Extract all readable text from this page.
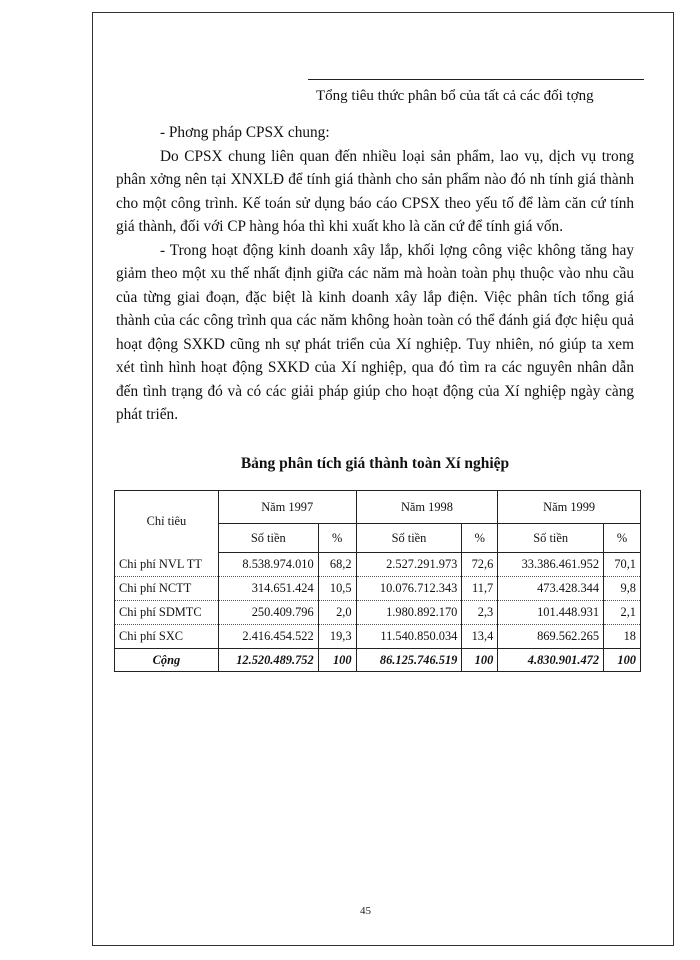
Tổng tiêu thức phân bổ của tất cả các đối tợng

- Phơng pháp CPSX chung:

Do CPSX chung liên quan đến nhiều loại sản phẩm, lao vụ, dịch vụ trong phân xởng nên tại XNXLĐ để tính giá thành cho sản phẩm nào đó nh tính giá thành cho một công trình. Kế toán sử dụng báo cáo CPSX theo yếu tố để làm căn cứ tính giá thành, đối với CP hàng hóa thì khi xuất kho là căn cứ để tính giá vốn.

- Trong hoạt động kinh doanh xây lắp, khối lợng công việc không tăng hay giảm theo một xu thế nhất định giữa các năm mà hoàn toàn phụ thuộc vào nhu cầu của từng giai đoạn, đặc biệt là kinh doanh xây lắp điện. Việc phân tích tổng giá thành của các công trình qua các năm không hoàn toàn có thể đánh giá đợc hiệu quả hoạt động SXKD cũng nh sự phát triển của Xí nghiệp. Tuy nhiên, nó giúp ta xem xét tình hình hoạt động SXKD của Xí nghiệp, qua đó tìm ra các nguyên nhân dẫn đến tình trạng đó và có các giải pháp giúp cho hoạt động của Xí nghiệp ngày càng phát triển.

Bảng phân tích giá thành toàn Xí nghiệp
Chỉ tiêu	Năm 1997		Năm 1998		Năm 1999	
	Số tiền	%	Số tiền	%	Số tiền	%
Chi phí NVL TT	8.538.974.010	68,2	2.527.291.973	72,6	33.386.461.952	70,1
Chi phí NCTT	314.651.424	10,5	10.076.712.343	11,7	473.428.344	9,8
Chi phí SDMTC	250.409.796	2,0	1.980.892.170	2,3	101.448.931	2,1
Chi phí SXC	2.416.454.522	19,3	11.540.850.034	13,4	869.562.265	18
Cộng	12.520.489.752	100	86.125.746.519	100	4.830.901.472	100
45
